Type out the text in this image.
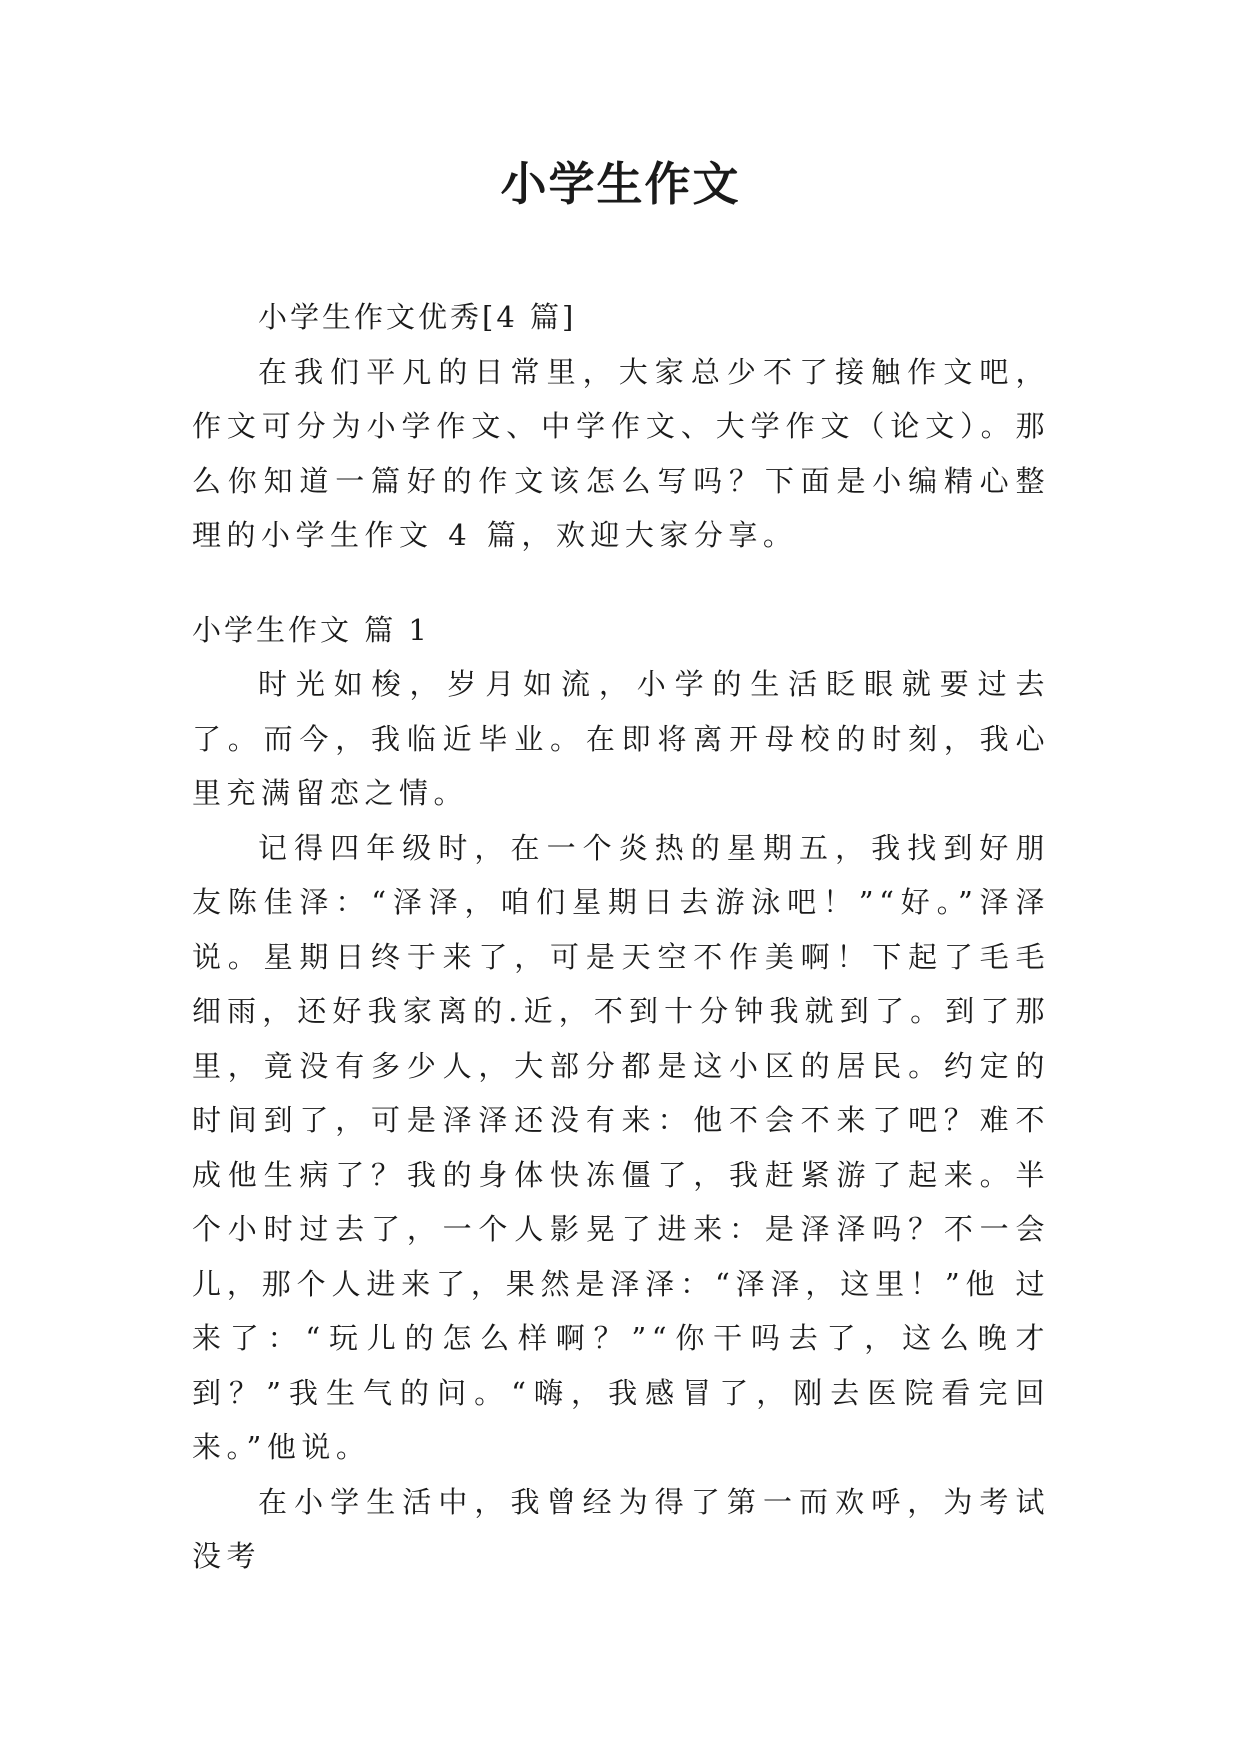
小学生作文

小学生作文优秀[4 篇]

在我们平凡的日常里，大家总少不了接触作文吧，作文可分为小学作文、中学作文、大学作文（论文）。那么你知道一篇好的作文该怎么写吗？下面是小编精心整理的小学生作文 4 篇，欢迎大家分享。

小学生作文 篇 1

时光如梭，岁月如流，小学的生活眨眼就要过去了。而今，我临近毕业。在即将离开母校的时刻，我心里充满留恋之情。

记得四年级时，在一个炎热的星期五，我找到好朋友陈佳泽：“泽泽，咱们星期日去游泳吧！”“好。”泽泽说。星期日终于来了，可是天空不作美啊！下起了毛毛 细雨，还好我家离的.近，不到十分钟我就到了。到了那里，竟没有多少人，大部分都是这小区的居民。约定的时间到了，可是泽泽还没有来：他不会不来了吧？难不 成他生病了？我的身体快冻僵了，我赶紧游了起来。半个小时过去了，一个人影晃了进来：是泽泽吗？不一会儿，那个人进来了，果然是泽泽：“泽泽，这里！”他 过来了：“玩儿的怎么样啊？”“你干吗去了，这么晚才到？”我生气的问。“嗨，我感冒了，刚去医院看完回来。”他说。

在小学生活中，我曾经为得了第一而欢呼，为考试没考
